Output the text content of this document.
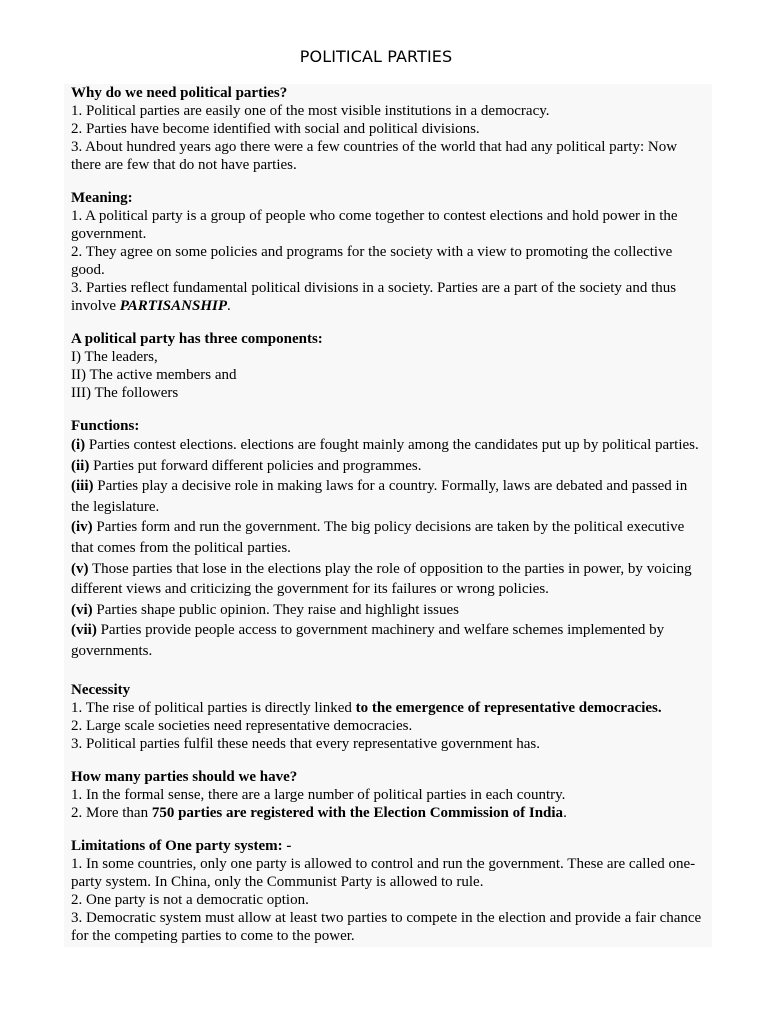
POLITICAL PARTIES
Why do we need political parties?
1. Political parties are easily one of the most visible institutions in a democracy.
2. Parties have become identified with social and political divisions.
3. About hundred years ago there were a few countries of the world that had any political party: Now there are few that do not have parties.
Meaning:
1. A political party is a group of people who come together to contest elections and hold power in the government.
2. They agree on some policies and programs for the society with a view to promoting the collective good.
3. Parties reflect fundamental political divisions in a society. Parties are a part of the society and thus involve PARTISANSHIP.
A political party has three components:
I) The leaders,
II) The active members and
III) The followers
Functions:
(i) Parties contest elections. elections are fought mainly among the candidates put up by political parties.
(ii) Parties put forward different policies and programmes.
(iii) Parties play a decisive role in making laws for a country. Formally, laws are debated and passed in the legislature.
(iv) Parties form and run the government. The big policy decisions are taken by the political executive that comes from the political parties.
(v) Those parties that lose in the elections play the role of opposition to the parties in power, by voicing different views and criticizing the government for its failures or wrong policies.
(vi) Parties shape public opinion. They raise and highlight issues
(vii) Parties provide people access to government machinery and welfare schemes implemented by governments.
Necessity
1. The rise of political parties is directly linked to the emergence of representative democracies.
2. Large scale societies need representative democracies.
3. Political parties fulfil these needs that every representative government has.
How many parties should we have?
1. In the formal sense, there are a large number of political parties in each country.
2. More than 750 parties are registered with the Election Commission of India.
Limitations of One party system: -
1. In some countries, only one party is allowed to control and run the government. These are called one-party system. In China, only the Communist Party is allowed to rule.
2. One party is not a democratic option.
3. Democratic system must allow at least two parties to compete in the election and provide a fair chance for the competing parties to come to the power.
